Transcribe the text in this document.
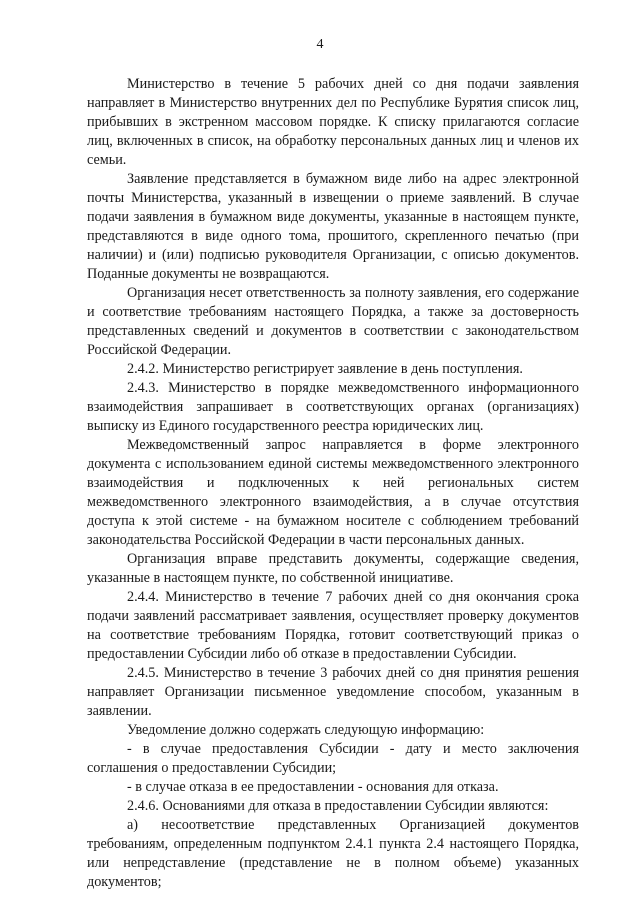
4

Министерство в течение 5 рабочих дней со дня подачи заявления направляет в Министерство внутренних дел по Республике Бурятия список лиц, прибывших в экстренном массовом порядке. К списку прилагаются согласие лиц, включенных в список, на обработку персональных данных лиц и членов их семьи.

Заявление представляется в бумажном виде либо на адрес электронной почты Министерства, указанный в извещении о приеме заявлений. В случае подачи заявления в бумажном виде документы, указанные в настоящем пункте, представляются в виде одного тома, прошитого, скрепленного печатью (при наличии) и (или) подписью руководителя Организации, с описью документов. Поданные документы не возвращаются.

Организация несет ответственность за полноту заявления, его содержание и соответствие требованиям настоящего Порядка, а также за достоверность представленных сведений и документов в соответствии с законодательством Российской Федерации.

2.4.2. Министерство регистрирует заявление в день поступления.

2.4.3. Министерство в порядке межведомственного информационного взаимодействия запрашивает в соответствующих органах (организациях) выписку из Единого государственного реестра юридических лиц.

Межведомственный запрос направляется в форме электронного документа с использованием единой системы межведомственного электронного взаимодействия и подключенных к ней региональных систем межведомственного электронного взаимодействия, а в случае отсутствия доступа к этой системе - на бумажном носителе с соблюдением требований законодательства Российской Федерации в части персональных данных.

Организация вправе представить документы, содержащие сведения, указанные в настоящем пункте, по собственной инициативе.

2.4.4. Министерство в течение 7 рабочих дней со дня окончания срока подачи заявлений рассматривает заявления, осуществляет проверку документов на соответствие требованиям Порядка, готовит соответствующий приказ о предоставлении Субсидии либо об отказе в предоставлении Субсидии.

2.4.5. Министерство в течение 3 рабочих дней со дня принятия решения направляет Организации письменное уведомление способом, указанным в заявлении.

Уведомление должно содержать следующую информацию:

- в случае предоставления Субсидии - дату и место заключения соглашения о предоставлении Субсидии;

- в случае отказа в ее предоставлении - основания для отказа.

2.4.6. Основаниями для отказа в предоставлении Субсидии являются:

а) несоответствие представленных Организацией документов требованиям, определенным подпунктом 2.4.1 пункта 2.4 настоящего Порядка, или непредставление (представление не в полном объеме) указанных документов;
